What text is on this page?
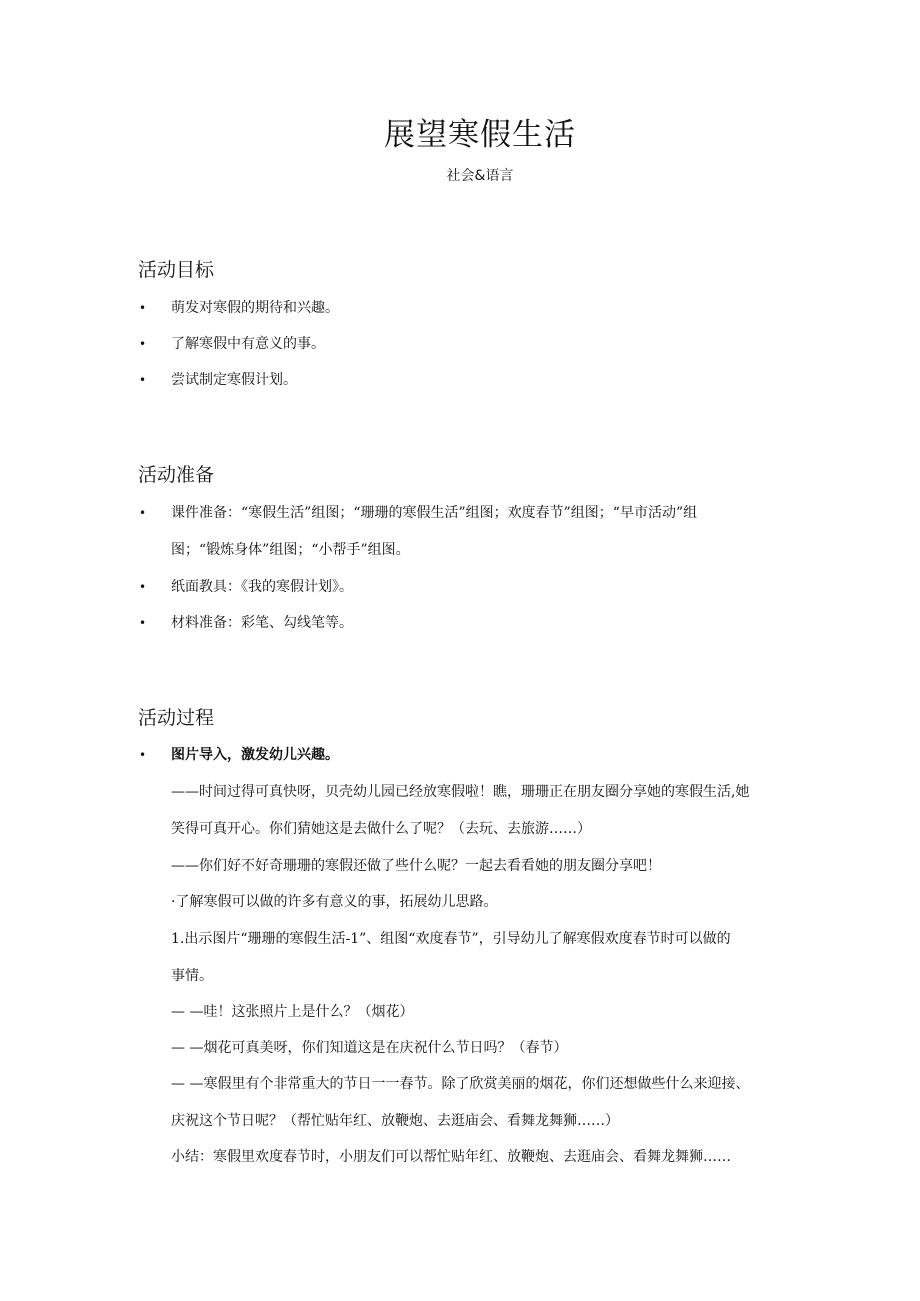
展望寒假生活

社会&语言

活动目标
• 萌发对寒假的期待和兴趣。
• 了解寒假中有意义的事。
• 尝试制定寒假计划。
活动准备
• 课件准备：“寒假生活”组图；“珊珊的寒假生活”组图；欢度春节”组图；“早市活动”组
图；“锻炼身体”组图；“小帮手”组图。
• 纸面教具：《我的寒假计划》。
• 材料准备：彩笔、勾线笔等。
活动过程
• 图片导入，激发幼儿兴趣。
——时间过得可真快呀，贝壳幼儿园已经放寒假啦！瞧，珊珊正在朋友圈分享她的寒假生活,她
笑得可真开心。你们猜她这是去做什么了呢？（去玩、去旅游……）
——你们好不好奇珊珊的寒假还做了些什么呢？一起去看看她的朋友圈分享吧！
·了解寒假可以做的许多有意义的事，拓展幼儿思路。
1.出示图片“珊珊的寒假生活-1”、组图“欢度春节”，引导幼儿了解寒假欢度春节时可以做的
事情。
— —哇！这张照片上是什么？（烟花）
— —烟花可真美呀，你们知道这是在庆祝什么节日吗？（春节）
— —寒假里有个非常重大的节日一一春节。除了欣赏美丽的烟花，你们还想做些什么来迎接、
庆祝这个节日呢？（帮忙贴年红、放鞭炮、去逛庙会、看舞龙舞狮……）
小结：寒假里欢度春节时，小朋友们可以帮忙贴年红、放鞭炮、去逛庙会、看舞龙舞狮……
